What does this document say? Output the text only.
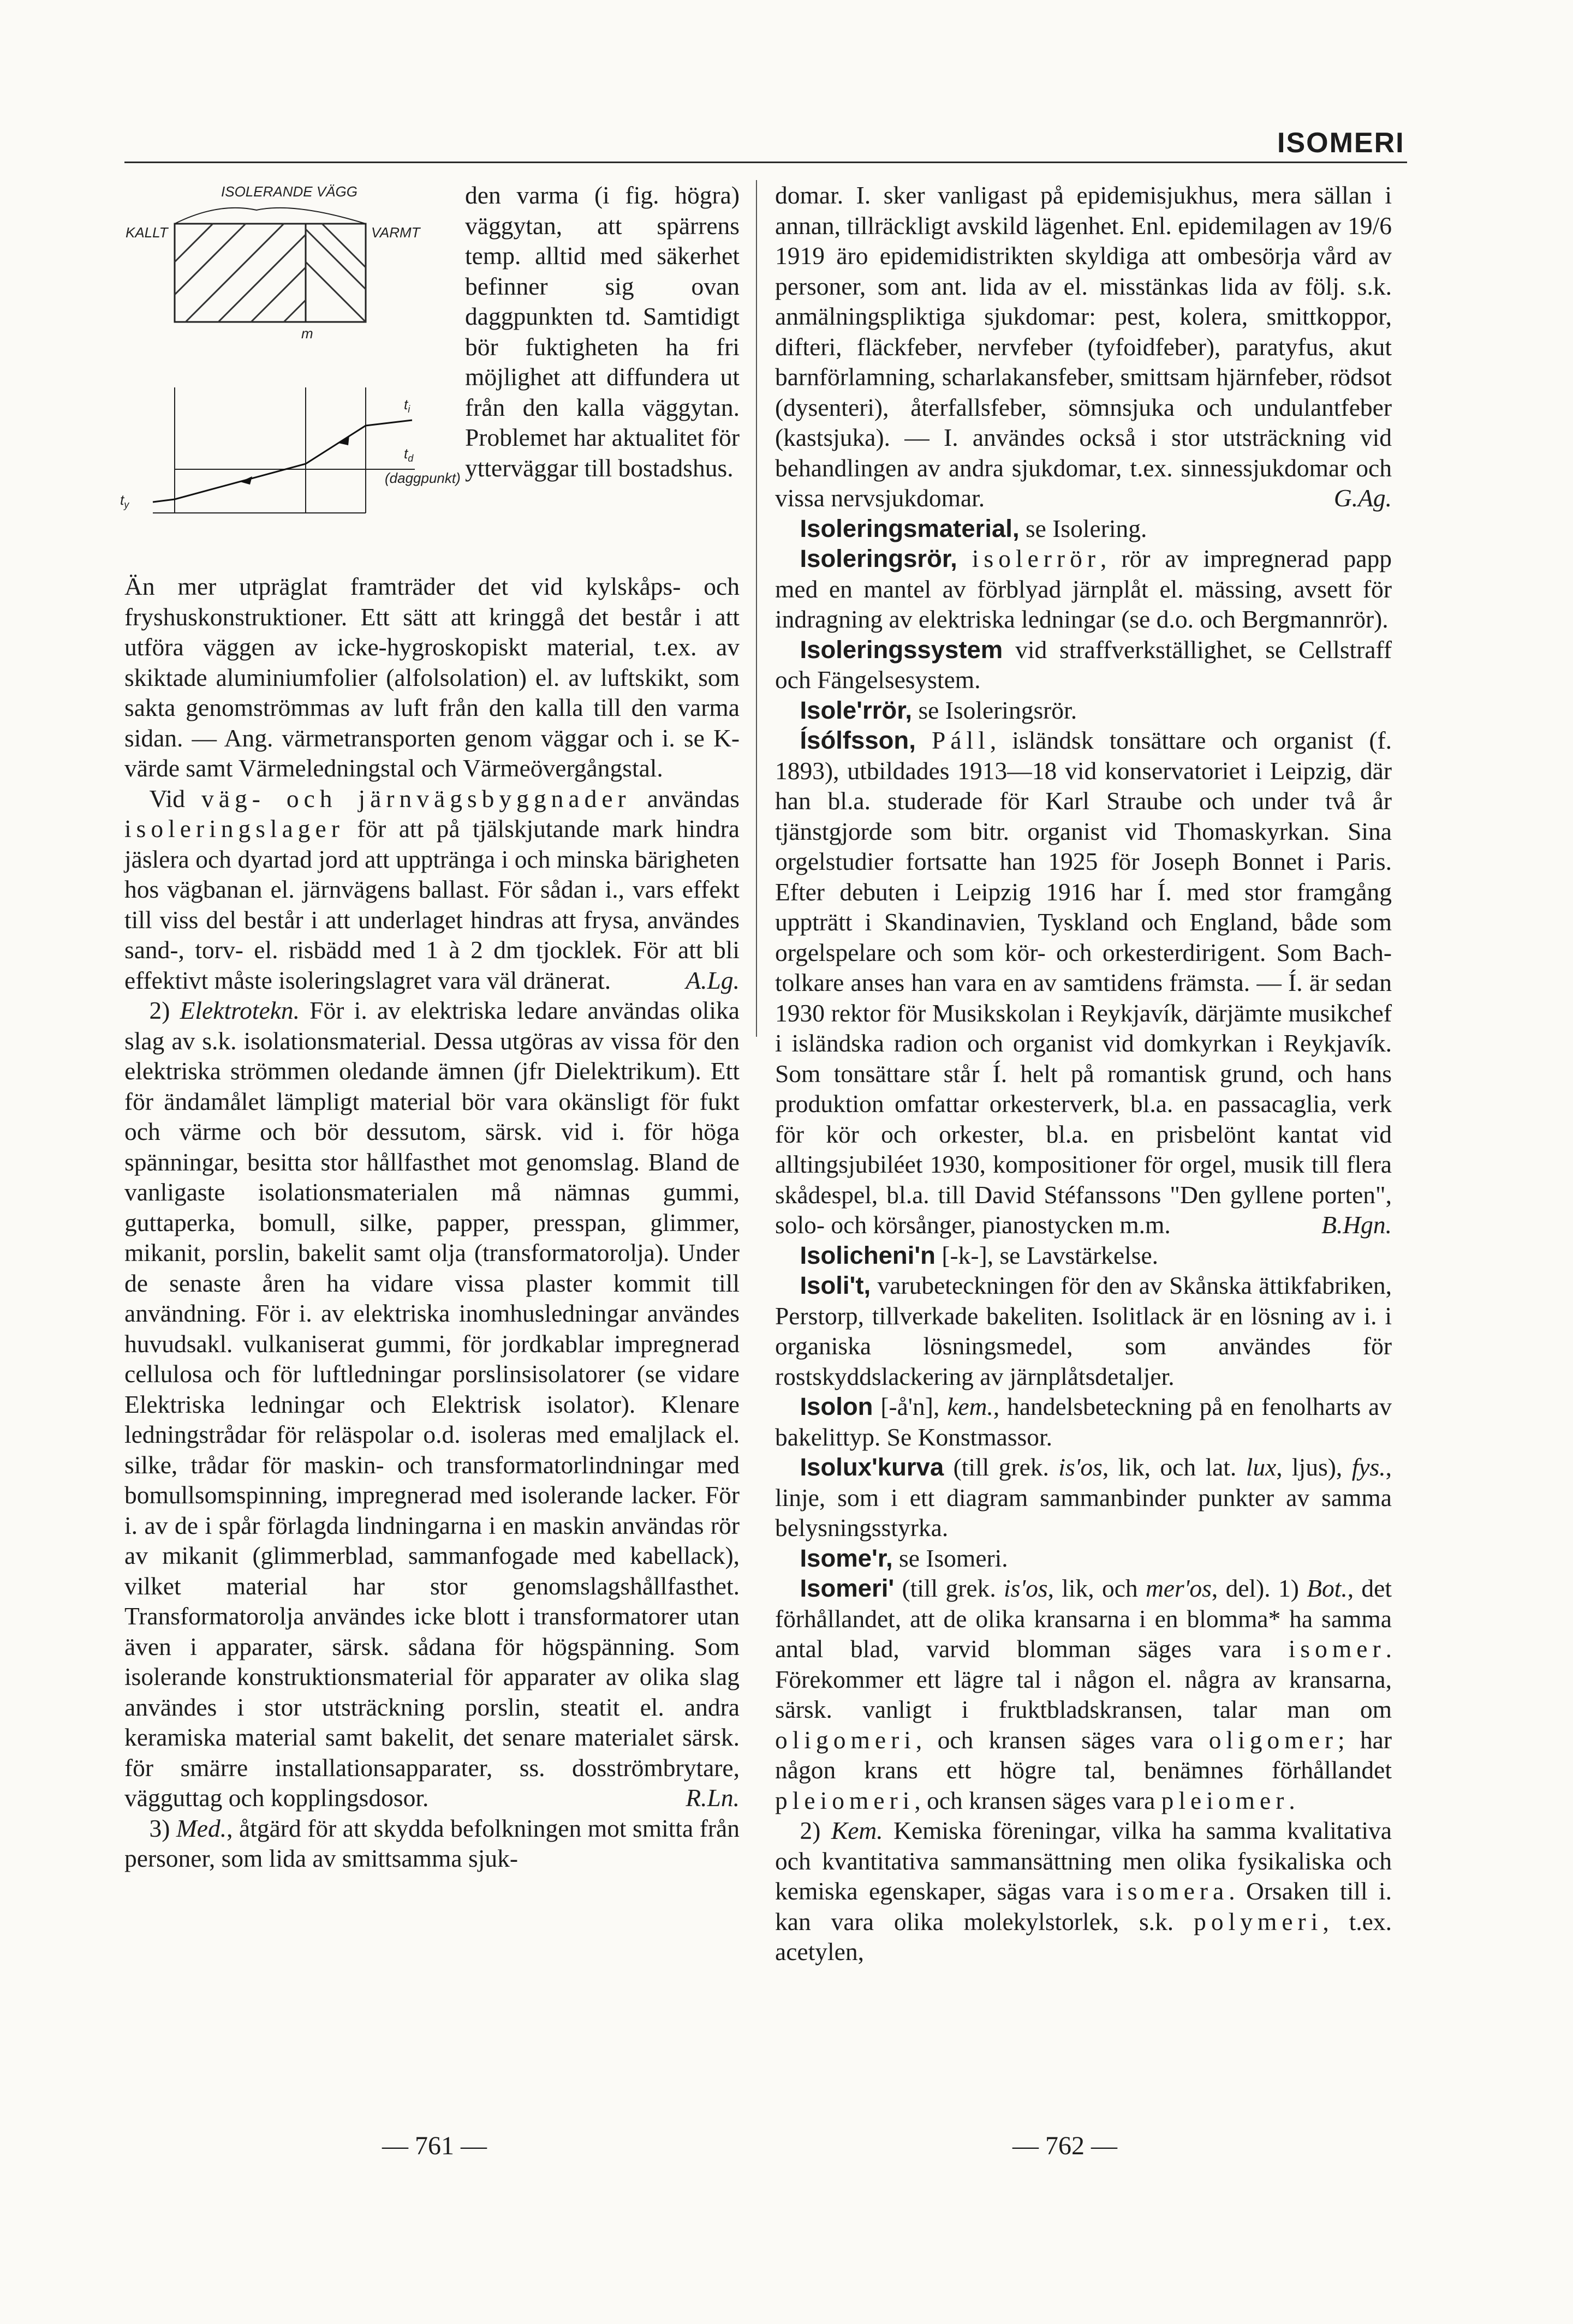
ISOMERI
ISOLERANDE VÄGG
KALLT	VARMT
m
$t_i$
$t_d$
(daggpunkt)
$t_y$

den varma (i fig. högra) väggytan, att spärrens temp. alltid med säkerhet befinner sig ovan daggpunkten td. Samtidigt bör fuktigheten ha fri möjlighet att diffundera ut från den kalla väggytan. Problemet har aktualitet för ytterväggar till bostadshus.

Än mer utpräglat framträder det vid kylskåps- och fryshuskonstruktioner. Ett sätt att kringgå det består i att utföra väggen av icke-hygroskopiskt material, t.ex. av skiktade aluminiumfolier (alfolsolation) el. av luftskikt, som sakta genomströmmas av luft från den kalla till den varma sidan. — Ang. värmetransporten genom väggar och i. se K-värde samt Värmeledningstal och Värmeövergångstal.

 Vid väg- och järnvägsbyggnader användas isoleringslager för att på tjälskjutande mark hindra jäslera och dyartad jord att uppträngа i och minska bärigheten hos vägbanan el. järnvägens ballast. För sådan i., vars effekt till viss del består i att underlaget hindras att frysa, användes sand-, torv- el. risbädd med 1 à 2 dm tjocklek. För att bli effektivt måste isoleringslagret vara väl dränerat.	A.Lg.

 2) Elektrotekn. För i. av elektriska ledare användas olika slag av s.k. isolationsmaterial. Dessa utgöras av vissa för den elektriska strömmen oledande ämnen (jfr Dielektrikum). Ett för ändamålet lämpligt material bör vara okänsligt för fukt och värme och bör dessutom, särsk. vid i. för höga spänningar, besitta stor hållfasthet mot genomslag. Bland de vanligaste isolationsmaterialen må nämnas gummi, guttaperka, bomull, silke, papper, presspan, glimmer, mikanit, porslin, bakelit samt olja (transformatorolja). Under de senaste åren ha vidare vissa plaster kommit till användning. För i. av elektriska inomhusledningar användes huvudsakl. vulkaniserat gummi, för jordkablar impregnerad cellulosa och för luftledningar porslinsisolatorer (se vidare Elektriska ledningar och Elektrisk isolator). Klenare ledningstrådar för reläspolar o.d. isoleras med emaljlack el. silke, trådar för maskin- och transformatorlindningar med bomullsomspinning, impregnerad med isolerande lacker. För i. av de i spår förlagda lindningarna i en maskin användas rör av mikanit (glimmerblad, sammanfogade med kabellack), vilket material har stor genomslagshållfasthet. Transformatorolja användes icke blott i transformatorer utan även i apparater, särsk. sådana för högspänning. Som isolerande konstruktionsmaterial för apparater av olika slag användes i stor utsträckning porslin, steatit el. andra keramiska material samt bakelit, det senare materialet särsk. för smärre installationsapparater, ss. dosströmbrytare, vägguttag och kopplingsdosor.	R.Ln.

 3) Med., åtgärd för att skydda befolkningen mot smitta från personer, som lida av smittsamma sjuk-

domar. I. sker vanligast på epidemisjukhus, mera sällan i annan, tillräckligt avskild lägenhet. Enl. epidemilagen av 19/6 1919 äro epidemidistrikten skyldiga att ombesörja vård av personer, som ant. lida av el. misstänkas lida av följ. s.k. anmälningspliktiga sjukdomar: pest, kolera, smittkoppor, difteri, fläckfeber, nervfeber (tyfoidfeber), paratyfus, akut barnförlamning, scharlakansfeber, smittsam hjärnfeber, rödsot (dysenteri), återfallsfeber, sömnsjuka och undulantfeber (kastsjuka). — I. användes också i stor utsträckning vid behandlingen av andra sjukdomar, t.ex. sinnessjukdomar och vissa nervsjukdomar.	G.Ag.

 Isoleringsmaterial, se Isolering.

 Isoleringsrör, isolerrör, rör av impregnerad papp med en mantel av förblyad järnplåt el. mässing, avsett för indragning av elektriska ledningar (se d.o. och Bergmannrör).

 Isoleringssystem vid straffverkställighet, se Cellstraff och Fängelsesystem.

 Isole'rrör, se Isoleringsrör.

 Ísólfsson, Páll, isländsk tonsättare och organist (f. 1893), utbildades 1913—18 vid konservatoriet i Leipzig, där han bl.a. studerade för Karl Straube och under två år tjänstgjorde som bitr. organist vid Thomaskyrkan. Sina orgelstudier fortsatte han 1925 för Joseph Bonnet i Paris. Efter debuten i Leipzig 1916 har Í. med stor framgång uppträtt i Skandinavien, Tyskland och England, både som orgelspelare och som kör- och orkesterdirigent. Som Bach-tolkare anses han vara en av samtidens främsta. — Í. är sedan 1930 rektor för Musikskolan i Reykjavík, därjämte musikchef i isländska radion och organist vid domkyrkan i Reykjavík. Som tonsättare står Í. helt på romantisk grund, och hans produktion omfattar orkesterverk, bl.a. en passacaglia, verk för kör och orkester, bl.a. en prisbelönt kantat vid alltingsjubiléet 1930, kompositioner för orgel, musik till flera skådespel, bl.a. till David Stéfanssons "Den gyllene porten", solo- och körsånger, pianostycken m.m.	B.Hgn.

 Isolicheni'n [-k-], se Lavstärkelse.

 Isoli't, varubeteckningen för den av Skånska ättikfabriken, Perstorp, tillverkade bakeliten. Isolitlack är en lösning av i. i organiska lösningsmedel, som användes för rostskyddslackering av järnplåtsdetaljer.

 Isolon [-å'n], kem., handelsbeteckning på en fenolharts av bakelittyp. Se Konstmassor.

 Isolux'kurva (till grek. is'os, lik, och lat. lux, ljus), fys., linje, som i ett diagram sammanbinder punkter av samma belysningsstyrka.

 Isome'r, se Isomeri.

 Isomeri' (till grek. is'os, lik, och mer'os, del). 1) Bot., det förhållandet, att de olika kransarna i en blomma* ha samma antal blad, varvid blomman säges vara isomer. Förekommer ett lägre tal i någon el. några av kransarna, särsk. vanligt i fruktbladskransen, talar man om oligomeri, och kransen säges vara oligomer; har någon krans ett högre tal, benämnes förhållandet pleiomeri, och kransen säges vara pleiomer.

 2) Kem. Kemiska föreningar, vilka ha samma kvalitativa och kvantitativa sammansättning men olika fysikaliska och kemiska egenskaper, sägas vara isomera. Orsaken till i. kan vara olika molekylstorlek, s.k. polymeri, t.ex. acetylen,

— 761 —	— 762 —
